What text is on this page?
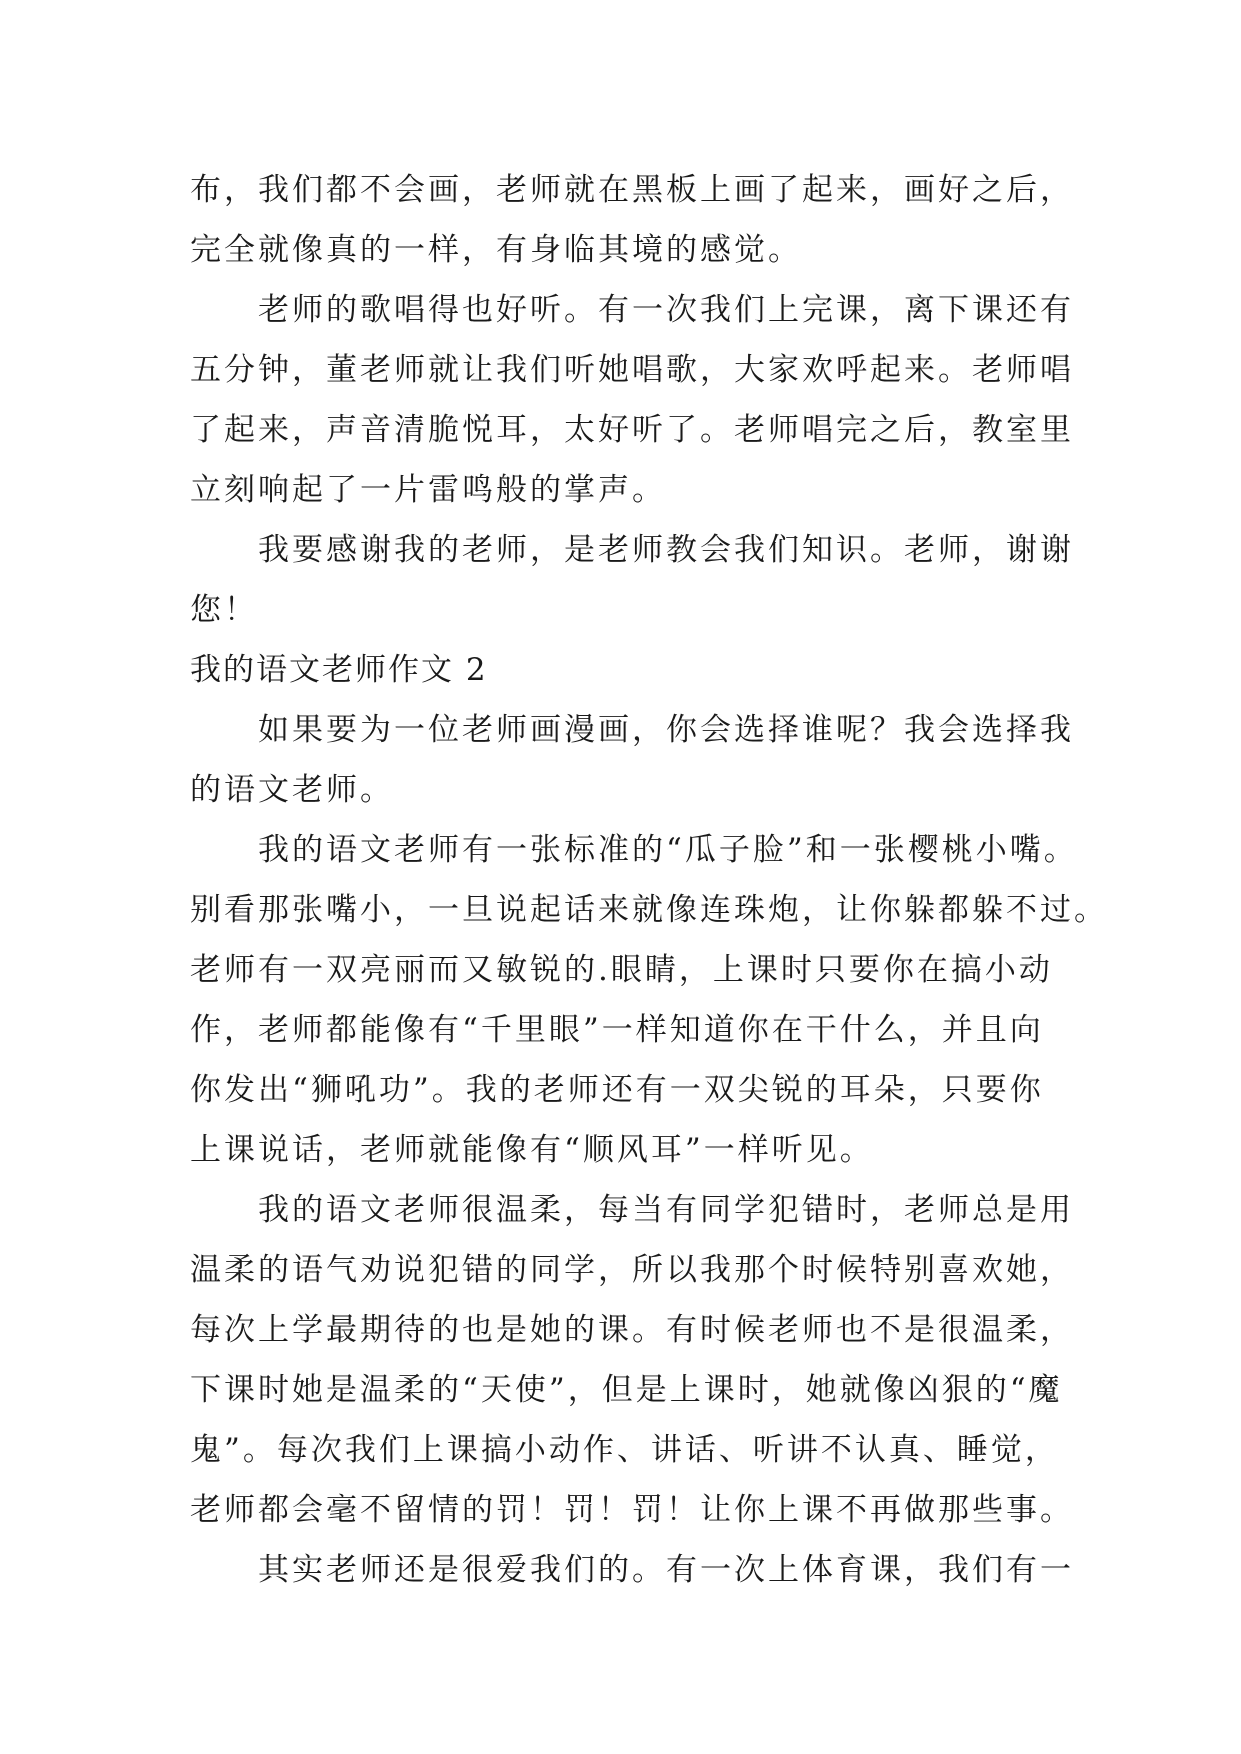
布，我们都不会画，老师就在黑板上画了起来，画好之后，
完全就像真的一样，有身临其境的感觉。
老师的歌唱得也好听。有一次我们上完课，离下课还有
五分钟，董老师就让我们听她唱歌，大家欢呼起来。老师唱
了起来，声音清脆悦耳，太好听了。老师唱完之后，教室里
立刻响起了一片雷鸣般的掌声。
我要感谢我的老师，是老师教会我们知识。老师，谢谢
您！
我的语文老师作文 2
如果要为一位老师画漫画，你会选择谁呢？我会选择我
的语文老师。
我的语文老师有一张标准的“瓜子脸”和一张樱桃小嘴。
别看那张嘴小，一旦说起话来就像连珠炮，让你躲都躲不过。
老师有一双亮丽而又敏锐的.眼睛，上课时只要你在搞小动
作，老师都能像有“千里眼”一样知道你在干什么，并且向
你发出“狮吼功”。我的老师还有一双尖锐的耳朵，只要你
上课说话，老师就能像有“顺风耳”一样听见。
我的语文老师很温柔，每当有同学犯错时，老师总是用
温柔的语气劝说犯错的同学，所以我那个时候特别喜欢她，
每次上学最期待的也是她的课。有时候老师也不是很温柔，
下课时她是温柔的“天使”，但是上课时，她就像凶狠的“魔
鬼”。每次我们上课搞小动作、讲话、听讲不认真、睡觉，
老师都会毫不留情的罚！罚！罚！让你上课不再做那些事。
其实老师还是很爱我们的。有一次上体育课，我们有一
